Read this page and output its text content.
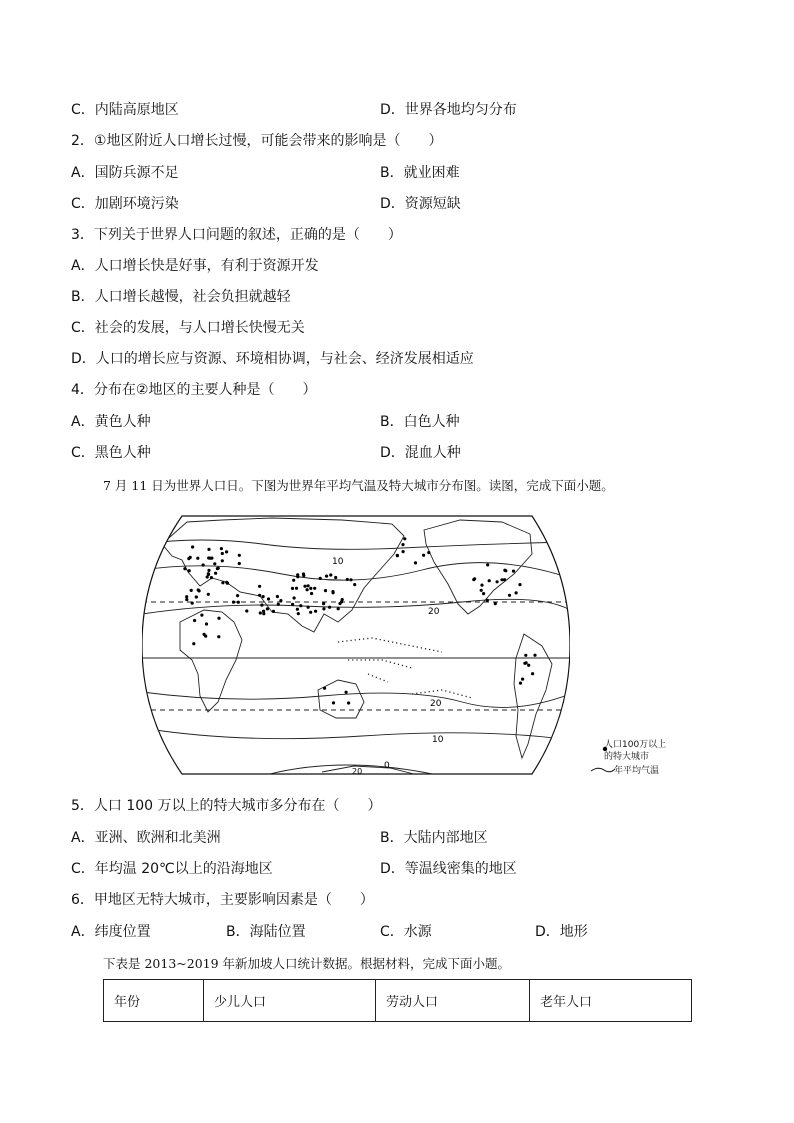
C．内陆高原地区	D．世界各地均匀分布
2．①地区附近人口增长过慢，可能会带来的影响是（　　）
A．国防兵源不足	B．就业困难
C．加剧环境污染	D．资源短缺
3．下列关于世界人口问题的叙述，正确的是（　　）
A．人口增长快是好事，有利于资源开发
B．人口增长越慢，社会负担就越轻
C．社会的发展，与人口增长快慢无关
D．人口的增长应与资源、环境相协调，与社会、经济发展相适应
4．分布在②地区的主要人种是（　　）
A．黄色人种	B．白色人种
C．黑色人种	D．混血人种
7 月 11 日为世界人口日。下图为世界年平均气温及特大城市分布图。读图，完成下面小题。
10
20
20
10
0
20
人口100万以上
的特大城市
年平均气温
5．人口 100 万以上的特大城市多分布在（　　）
A．亚洲、欧洲和北美洲	B．大陆内部地区
C．年均温 20℃以上的沿海地区	D．等温线密集的地区
6．甲地区无特大城市，主要影响因素是（　　）
A．纬度位置	B．海陆位置	C．水源	D．地形
下表是 2013~2019 年新加坡人口统计数据。根据材料，完成下面小题。
年份	少儿人口	劳动人口	老年人口
